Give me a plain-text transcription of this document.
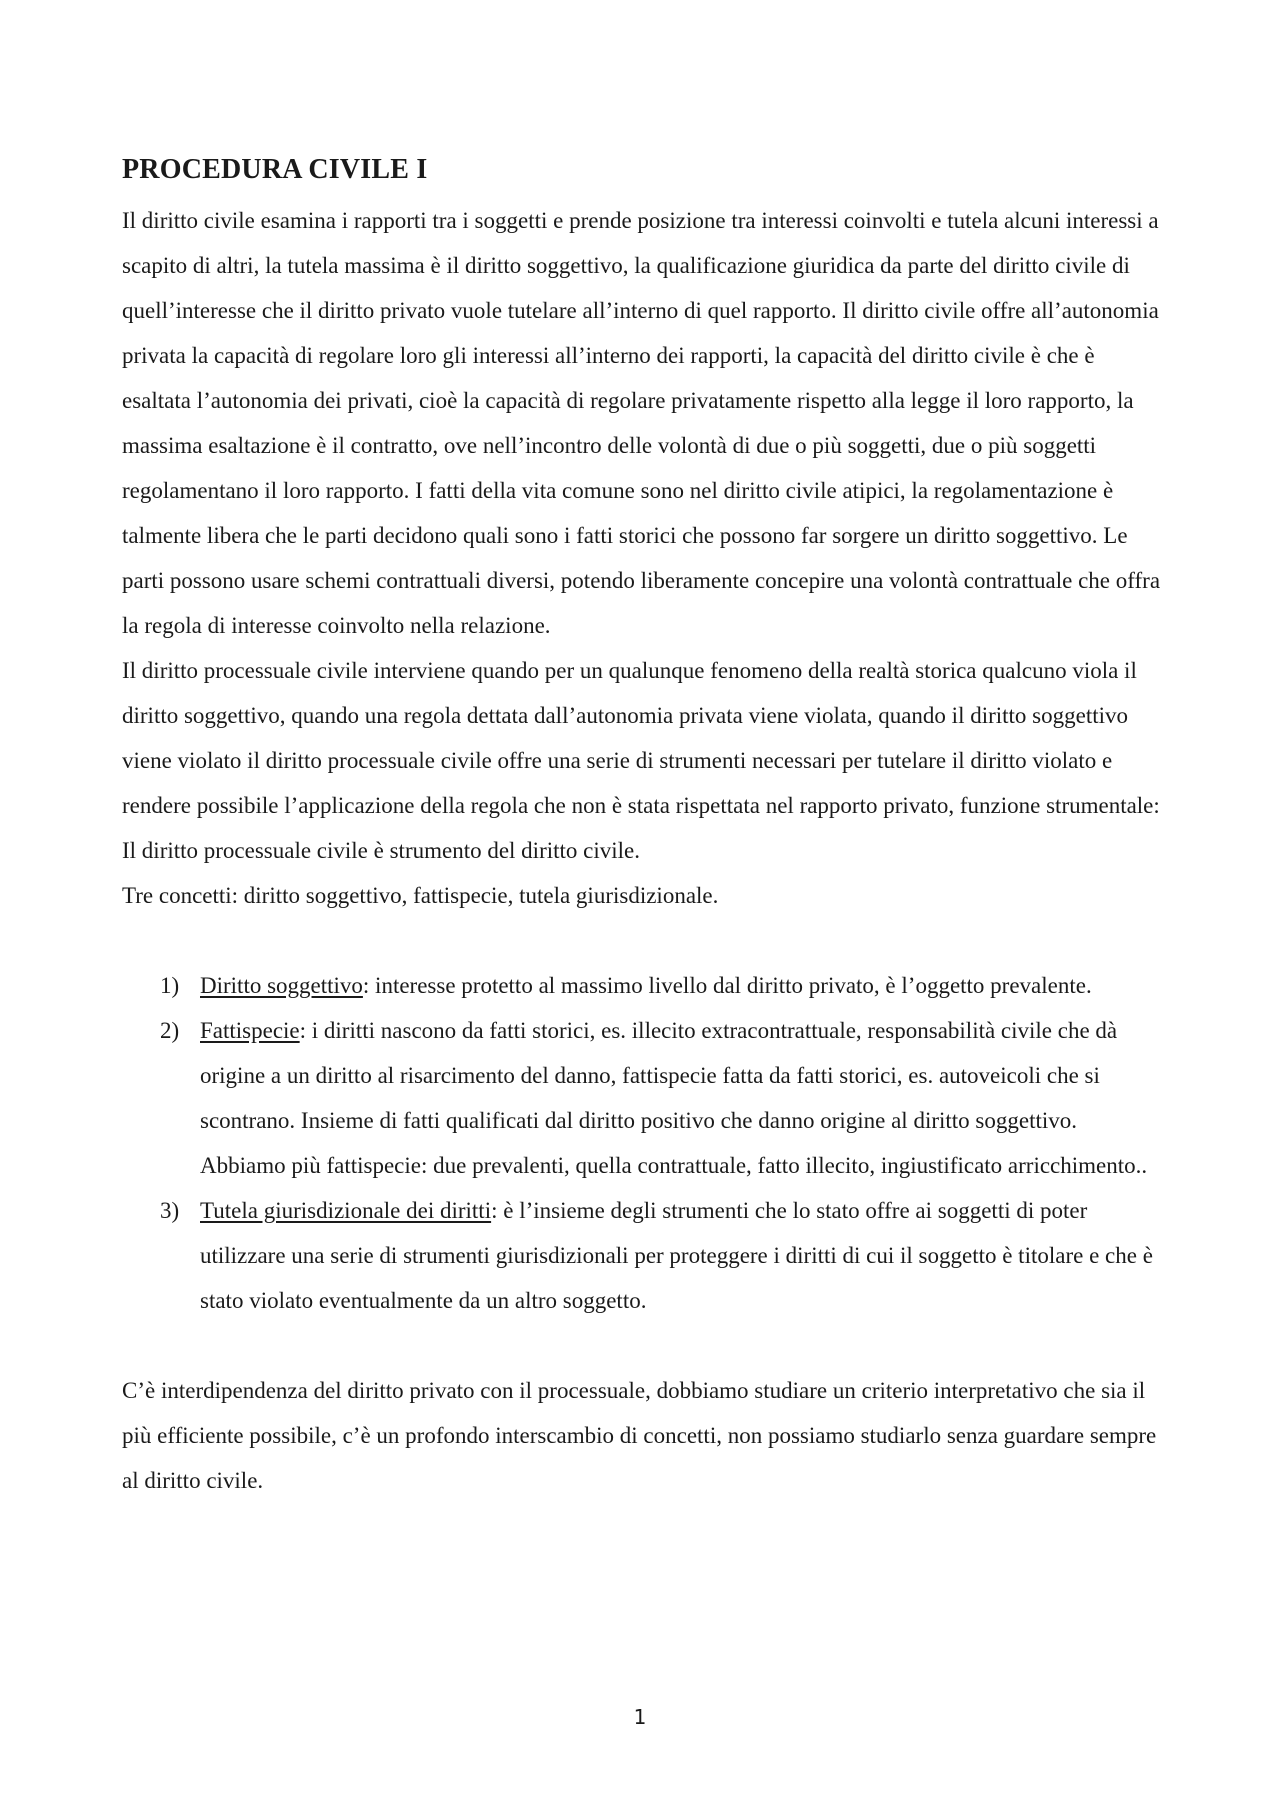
PROCEDURA CIVILE I

Il diritto civile esamina i rapporti tra i soggetti e prende posizione tra interessi coinvolti e tutela alcuni interessi a scapito di altri, la tutela massima è il diritto soggettivo, la qualificazione giuridica da parte del diritto civile di quell’interesse che il diritto privato vuole tutelare all’interno di quel rapporto. Il diritto civile offre all’autonomia privata la capacità di regolare loro gli interessi all’interno dei rapporti, la capacità del diritto civile è che è esaltata l’autonomia dei privati, cioè la capacità di regolare privatamente rispetto alla legge il loro rapporto, la massima esaltazione è il contratto, ove nell’incontro delle volontà di due o più soggetti, due o più soggetti regolamentano il loro rapporto. I fatti della vita comune sono nel diritto civile atipici, la regolamentazione è talmente libera che le parti decidono quali sono i fatti storici che possono far sorgere un diritto soggettivo. Le parti possono usare schemi contrattuali diversi, potendo liberamente concepire una volontà contrattuale che offra la regola di interesse coinvolto nella relazione.

Il diritto processuale civile interviene quando per un qualunque fenomeno della realtà storica qualcuno viola il diritto soggettivo, quando una regola dettata dall’autonomia privata viene violata, quando il diritto soggettivo viene violato il diritto processuale civile offre una serie di strumenti necessari per tutelare il diritto violato e rendere possibile l’applicazione della regola che non è stata rispettata nel rapporto privato, funzione strumentale: Il diritto processuale civile è strumento del diritto civile.

Tre concetti: diritto soggettivo, fattispecie, tutela giurisdizionale.

1) Diritto soggettivo: interesse protetto al massimo livello dal diritto privato, è l’oggetto prevalente.
2) Fattispecie: i diritti nascono da fatti storici, es. illecito extracontrattuale, responsabilità civile che dà origine a un diritto al risarcimento del danno, fattispecie fatta da fatti storici, es. autoveicoli che si scontrano. Insieme di fatti qualificati dal diritto positivo che danno origine al diritto soggettivo. Abbiamo più fattispecie: due prevalenti, quella contrattuale, fatto illecito, ingiustificato arricchimento..
3) Tutela giurisdizionale dei diritti: è l’insieme degli strumenti che lo stato offre ai soggetti di poter utilizzare una serie di strumenti giurisdizionali per proteggere i diritti di cui il soggetto è titolare e che è stato violato eventualmente da un altro soggetto.

C’è interdipendenza del diritto privato con il processuale, dobbiamo studiare un criterio interpretativo che sia il più efficiente possibile, c’è un profondo interscambio di concetti, non possiamo studiarlo senza guardare sempre al diritto civile.

1
